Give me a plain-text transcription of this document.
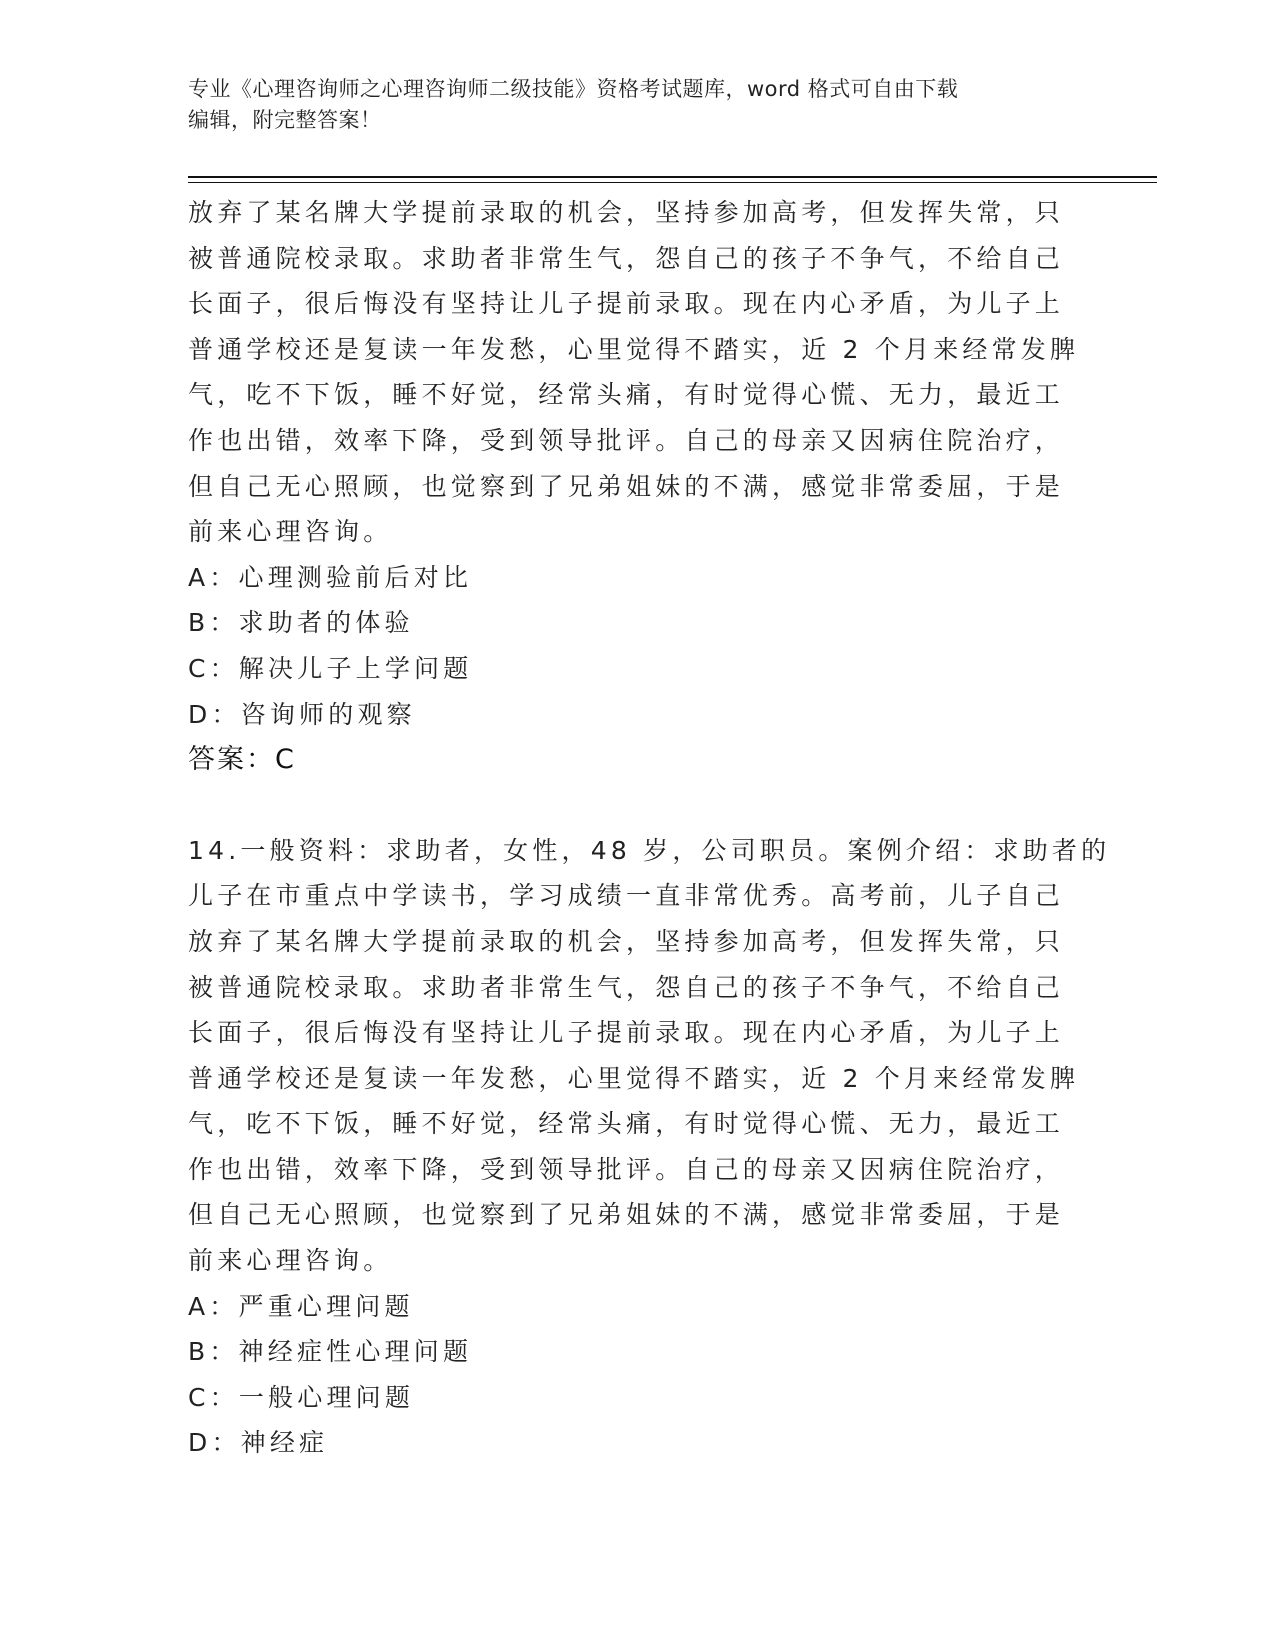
专业《心理咨询师之心理咨询师二级技能》资格考试题库，word 格式可自由下载
编辑，附完整答案！
放弃了某名牌大学提前录取的机会，坚持参加高考，但发挥失常，只
被普通院校录取。求助者非常生气，怨自己的孩子不争气，不给自己
长面子，很后悔没有坚持让儿子提前录取。现在内心矛盾，为儿子上
普通学校还是复读一年发愁，心里觉得不踏实，近 2 个月来经常发脾
气，吃不下饭，睡不好觉，经常头痛，有时觉得心慌、无力，最近工
作也出错，效率下降，受到领导批评。自己的母亲又因病住院治疗，
但自己无心照顾，也觉察到了兄弟姐妹的不满，感觉非常委屈，于是
前来心理咨询。
A：心理测验前后对比
B：求助者的体验
C：解决儿子上学问题
D：咨询师的观察
答案：C
14.一般资料：求助者，女性，48 岁，公司职员。案例介绍：求助者的
儿子在市重点中学读书，学习成绩一直非常优秀。高考前，儿子自己
放弃了某名牌大学提前录取的机会，坚持参加高考，但发挥失常，只
被普通院校录取。求助者非常生气，怨自己的孩子不争气，不给自己
长面子，很后悔没有坚持让儿子提前录取。现在内心矛盾，为儿子上
普通学校还是复读一年发愁，心里觉得不踏实，近 2 个月来经常发脾
气，吃不下饭，睡不好觉，经常头痛，有时觉得心慌、无力，最近工
作也出错，效率下降，受到领导批评。自己的母亲又因病住院治疗，
但自己无心照顾，也觉察到了兄弟姐妹的不满，感觉非常委屈，于是
前来心理咨询。
A：严重心理问题
B：神经症性心理问题
C：一般心理问题
D：神经症
